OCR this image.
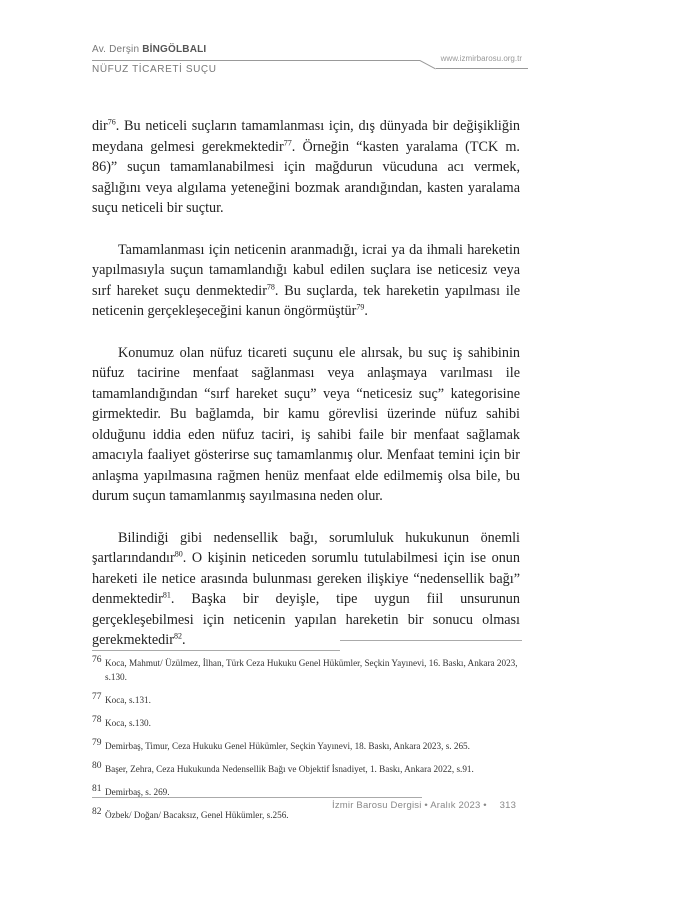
Av. Derşin BİNGÖLBALI
www.izmirbarosu.org.tr
NÜFUZ TİCARETİ SUÇU

dir$^{76}$. Bu neticeli suçların tamamlanması için, dış dünyada bir değişikliğin meydana gelmesi gerekmektedir$^{77}$. Örneğin “kasten yaralama (TCK m. 86)” suçun tamamlanabilmesi için mağdurun vücuduna acı vermek, sağlığını veya algılama yeteneğini bozmak arandığından, kasten yaralama suçu neticeli bir suçtur.

Tamamlanması için neticenin aranmadığı, icrai ya da ihmali hareketin yapılmasıyla suçun tamamlandığı kabul edilen suçlara ise neticesiz veya sırf hareket suçu denmektedir$^{78}$. Bu suçlarda, tek hareketin yapılması ile neticenin gerçekleşeceğini kanun öngörmüştür$^{79}$.

Konumuz olan nüfuz ticareti suçunu ele alırsak, bu suç iş sahibinin nüfuz tacirine menfaat sağlanması veya anlaşmaya varılması ile tamamlandığından “sırf hareket suçu” veya “neticesiz suç” kategorisine girmektedir. Bu bağlamda, bir kamu görevlisi üzerinde nüfuz sahibi olduğunu iddia eden nüfuz taciri, iş sahibi faile bir menfaat sağlamak amacıyla faaliyet gösterirse suç tamamlanmış olur. Menfaat temini için bir anlaşma yapılmasına rağmen henüz menfaat elde edilmemiş olsa bile, bu durum suçun tamamlanmış sayılmasına neden olur.

Bilindiği gibi nedensellik bağı, sorumluluk hukukunun önemli şartlarındandır$^{80}$. O kişinin neticeden sorumlu tutulabilmesi için ise onun hareketi ile netice arasında bulunması gereken ilişkiye “nedensellik bağı” denmektedir$^{81}$. Başka bir deyişle, tipe uygun fiil unsurunun gerçekleşebilmesi için neticenin yapılan hareketin bir sonucu olması gerekmektedir$^{82}$.

76 Koca, Mahmut/ Üzülmez, İlhan, Türk Ceza Hukuku Genel Hükümler, Seçkin Yayınevi, 16. Baskı, Ankara 2023, s.130.
77 Koca, s.131.
78 Koca, s.130.
79 Demirbaş, Timur, Ceza Hukuku Genel Hükümler, Seçkin Yayınevi, 18. Baskı, Ankara 2023, s. 265.
80 Başer, Zehra, Ceza Hukukunda Nedensellik Bağı ve Objektif İsnadiyet, 1. Baskı, Ankara 2022, s.91.
81 Demirbaş, s. 269.
82 Özbek/ Doğan/ Bacaksız, Genel Hükümler, s.256.
İzmir Barosu Dergisi • Aralık 2023 • 313
